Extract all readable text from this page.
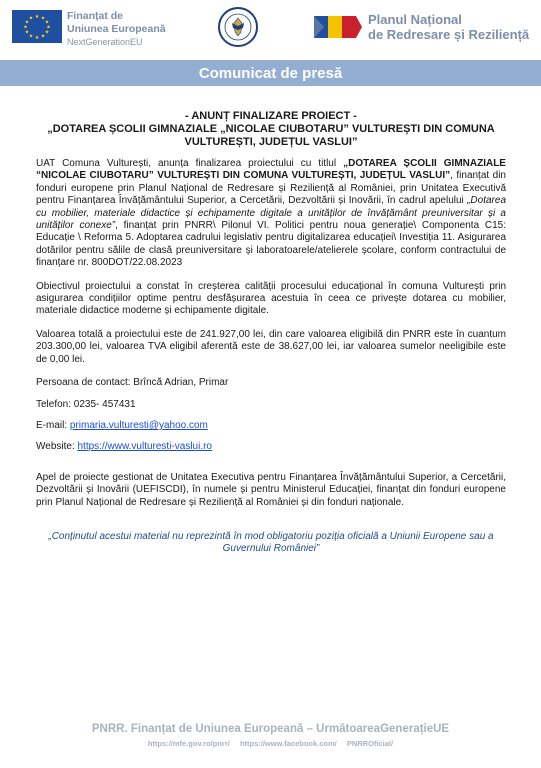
★ ★
★
★
★
★
★
★
★
★
★
★	Finanțat de
Uniunea Europeană
NextGenerationEU
Planul Național
de Redresare și Reziliență
Comunicat de presă
- ANUNȚ FINALIZARE PROIECT -
„DOTAREA ȘCOLII GIMNAZIALE „NICOLAE CIUBOTARU” VULTUREȘTI DIN COMUNA VULTUREȘTI, JUDEȚUL VASLUI”

UAT Comuna Vulturești, anunța finalizarea proiectului cu titlul „DOTAREA ȘCOLII GIMNAZIALE “NICOLAE CIUBOTARU” VULTUREȘTI DIN COMUNA VULTUREȘTI, JUDEȚUL VASLUI”, finanțat din fonduri europene prin Planul Național de Redresare și Reziliență al României, prin Unitatea Executivă pentru Finanțarea Învățământului Superior, a Cercetării, Dezvoltării și Inovării, în cadrul apelului „Dotarea cu mobilier, materiale didactice și echipamente digitale a unităților de învățământ preuniversitar și a unităților conexe”, finanțat prin PNRR\ Pilonul VI. Politici pentru noua generație\ Componenta C15: Educație \ Reforma 5. Adoptarea cadrului legislativ pentru digitalizarea educației\ Investiția 11. Asigurarea dotărilor pentru sălile de clasă preuniversitare și laboratoarele/atelierele școlare, conform contractului de finanțare nr. 800DOT/22.08.2023

Obiectivul proiectului a constat în creșterea calității procesului educațional în comuna Vulturești prin asigurarea condițiilor optime pentru desfășurarea acestuia în ceea ce privește dotarea cu mobilier, materiale didactice moderne și echipamente digitale.

Valoarea totală a proiectului este de 241.927,00 lei, din care valoarea eligibilă din PNRR este în cuantum 203.300,00 lei, valoarea TVA eligibil aferentă este de 38.627,00 lei, iar valoarea sumelor neeligibile este de 0,00 lei.

Persoana de contact: Brîncă Adrian, Primar

Telefon: 0235- 457431

E-mail: primaria.vulturesti@yahoo.com

Website: https://www.vulturesti-vaslui.ro

Apel de proiecte gestionat de Unitatea Executiva pentru Finanțarea Învățământului Superior, a Cercetării, Dezvoltării și Inovării (UEFISCDI), în numele și pentru Ministerul Educației, finanțat din fonduri europene prin Planul Național de Redresare și Reziliență al României și din fonduri naționale.

„Conținutul acestui material nu reprezintă în mod obligatoriu poziția oficială a Uniunii Europene sau a Guvernului României”

PNRR. Finanțat de Uniunea Europeană – UrmătoareaGenerațieUE
https://mfe.gov.ro/pnrr/ https://www.facebook.com/ PNRROficial/
